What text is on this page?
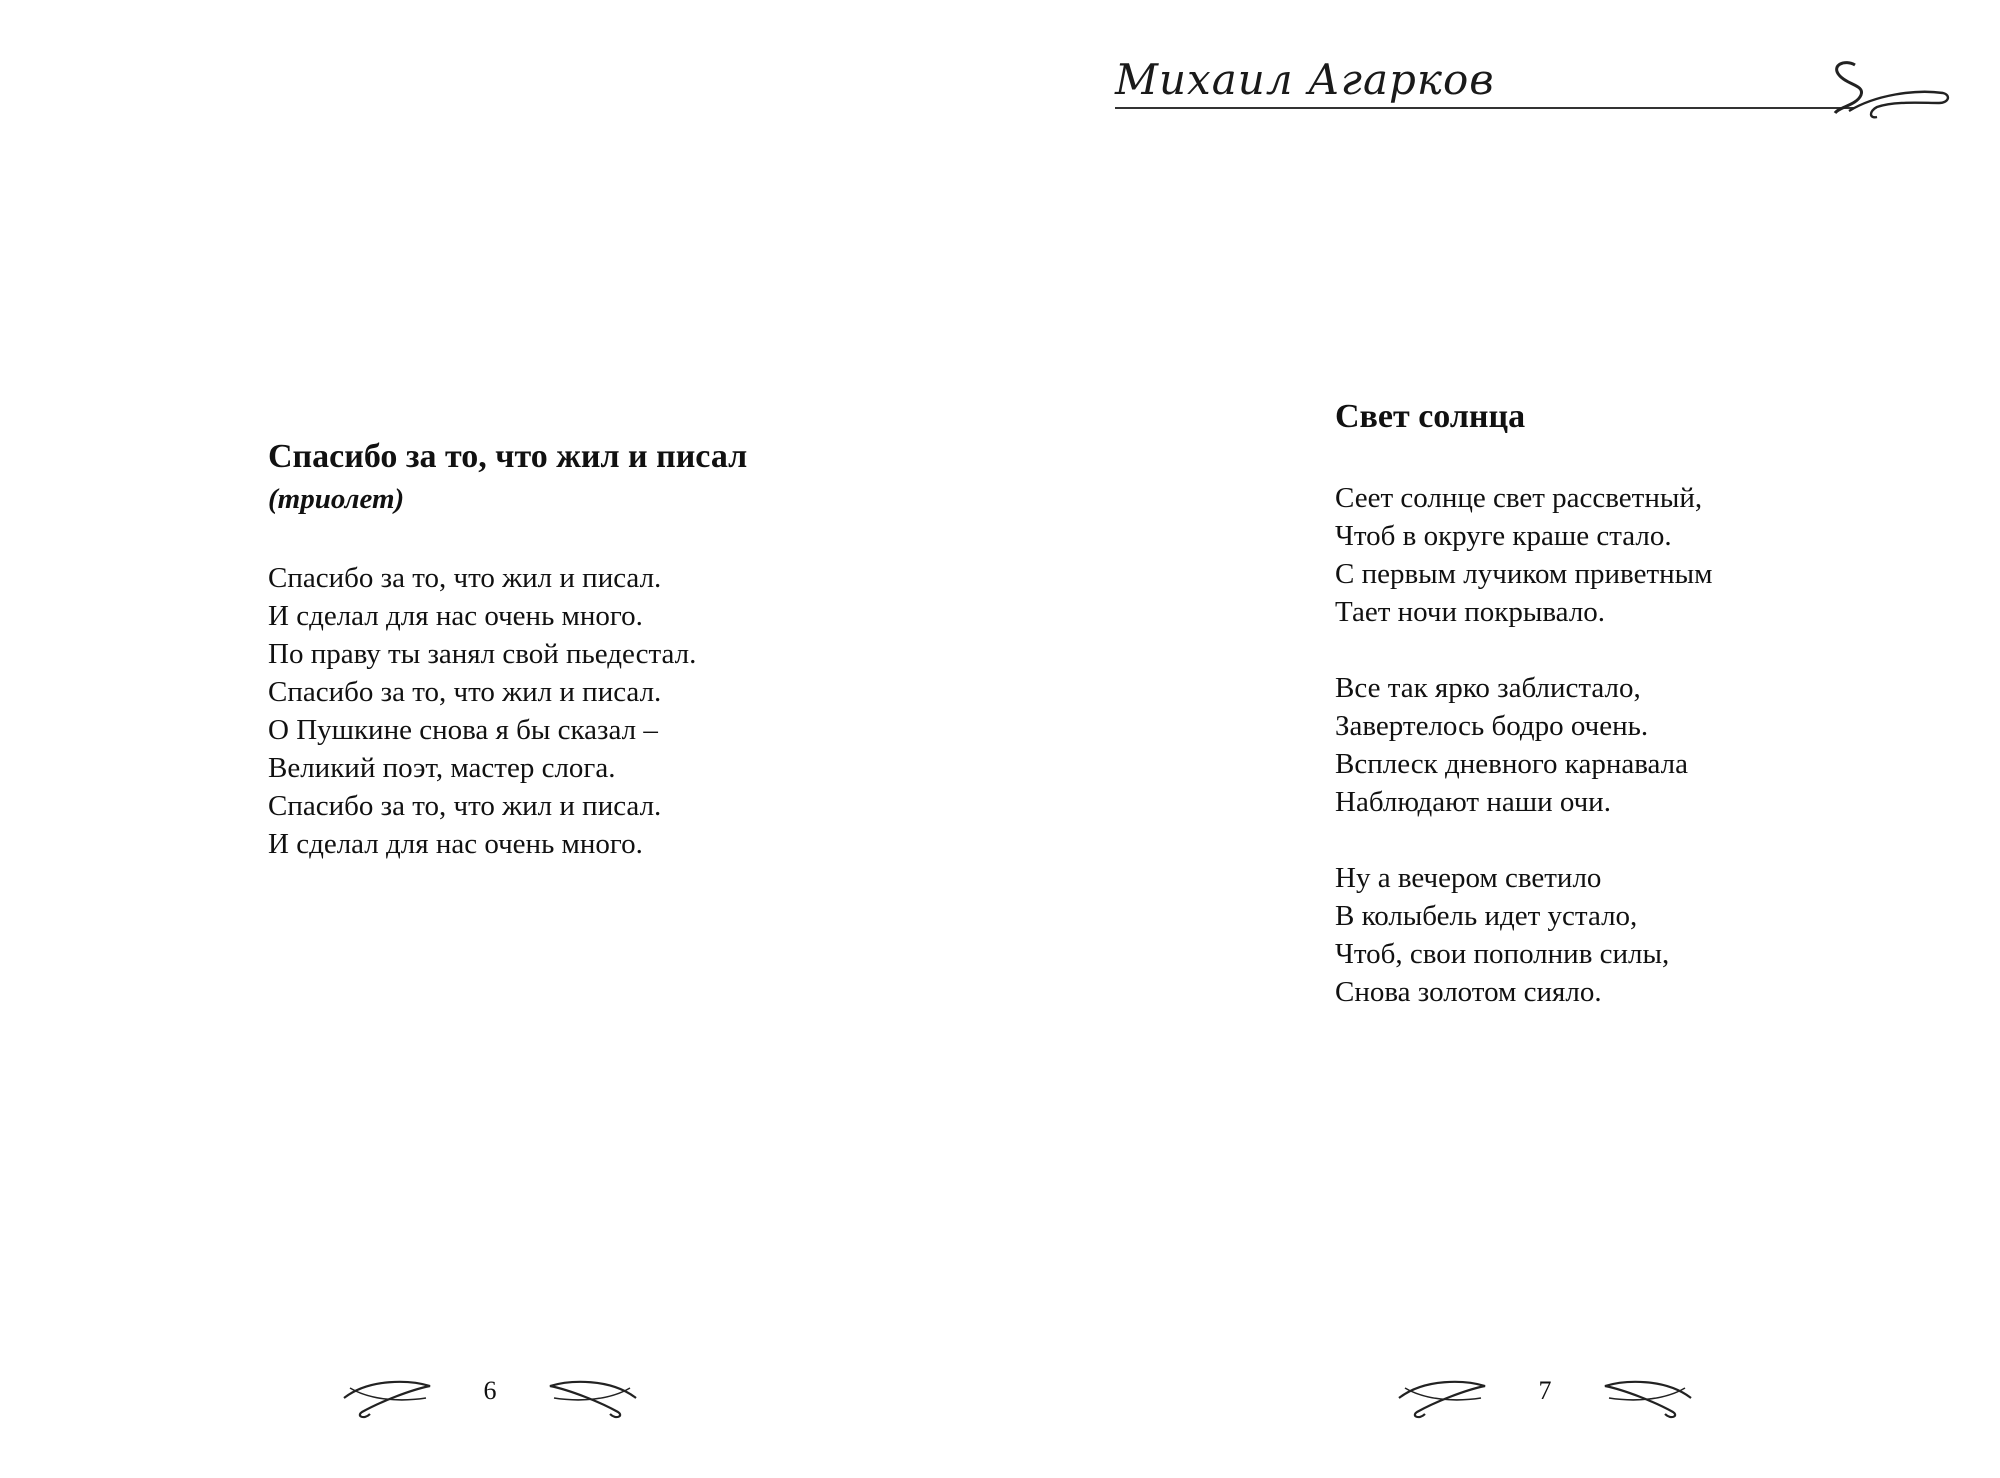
Спасибо за то, что жил и писал

(триолет)

Спасибо за то, что жил и писал.
И сделал для нас очень много.
По праву ты занял свой пьедестал.
Спасибо за то, что жил и писал.
О Пушкине снова я бы сказал –
Великий поэт, мастер слога.
Спасибо за то, что жил и писал.
И сделал для нас очень много.
6
Михаил Агарков
Свет солнца
Сеет солнце свет рассветный,
Чтоб в округе краше стало.
С первым лучиком приветным
Тает ночи покрывало.
Все так ярко заблистало,
Завертелось бодро очень.
Всплеск дневного карнавала
Наблюдают наши очи.
Ну а вечером светило
В колыбель идет устало,
Чтоб, свои пополнив силы,
Снова золотом сияло.
7
